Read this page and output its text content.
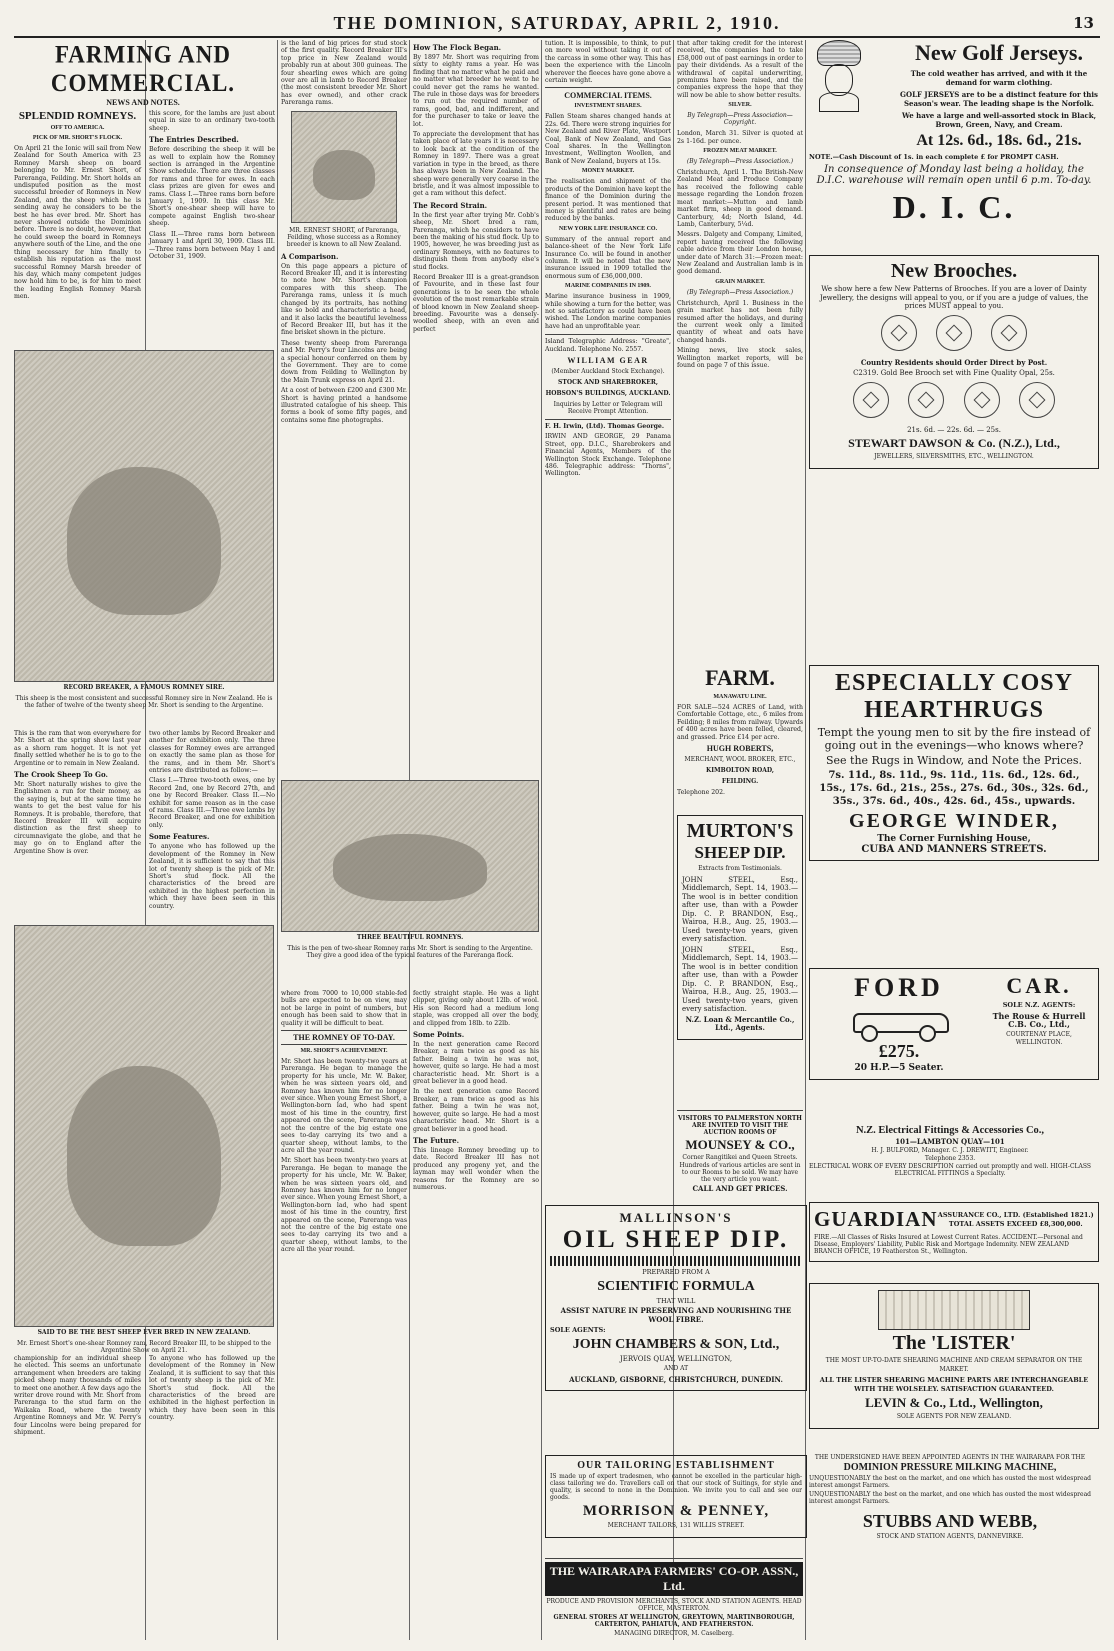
THE DOMINION, SATURDAY, APRIL 2, 1910.	13
FARMING AND COMMERCIAL.
NEWS AND NOTES.
SPLENDID ROMNEYS.
OFF TO AMERICA.
PICK OF MR. SHORT'S FLOCK.

On April 21 the Ionic will sail from New Zealand for South America with 23 Romney Marsh sheep on board belonging to Mr. Ernest Short, of Pareranga, Feilding. Mr. Short holds an undisputed position as the most successful breeder of Romneys in New Zealand, and the sheep which he is sending away he considers to be the best he has ever bred. Mr. Short has never showed outside the Dominion before. There is no doubt, however, that he could sweep the board in Romneys anywhere south of the Line, and the one thing necessary for him finally to establish his reputation as the most successful Romney Marsh breeder of his day, which many competent judges now hold him to be, is for him to meet the leading English Romney Marsh men.

this score, for the lambs are just about equal in size to an ordinary two-tooth sheep.

The Entries Described.

Before describing the sheep it will be as well to explain how the Romney section is arranged in the Argentine Show schedule. There are three classes for rams and three for ewes. In each class prizes are given for ewes and rams. Class I.—Three rams born before January 1, 1909. In this class Mr. Short's one-shear sheep will have to compete against English two-shear sheep.

Class II.—Three rams born between January 1 and April 30, 1909. Class III.—Three rams born between May 1 and October 31, 1909.

RECORD BREAKER, A FAMOUS ROMNEY SIRE.
This sheep is the most consistent and successful Romney sire in New Zealand. He is the father of twelve of the twenty sheep Mr. Short is sending to the Argentine.

This is the ram that won everywhere for Mr. Short at the spring show last year as a shorn ram hogget. It is not yet finally settled whether he is to go to the Argentine or to remain in New Zealand.

The Crook Sheep To Go.

Mr. Short naturally wishes to give the Englishmen a run for their money, as the saying is, but at the same time he wants to get the best value for his Romneys. It is probable, therefore, that Record Breaker III will acquire distinction as the first sheep to circumnavigate the globe, and that he may go on to England after the Argentine Show is over.

two other lambs by Record Breaker and another for exhibition only. The three classes for Romney ewes are arranged on exactly the same plan as those for the rams, and in them Mr. Short's entries are distributed as follow:—

Class I.—Three two-tooth ewes, one by Record 2nd, one by Record 27th, and one by Record Breaker. Class II.—No exhibit for same reason as in the case of rams. Class III.—Three ewe lambs by Record Breaker, and one for exhibition only.

Some Features.

To anyone who has followed up the development of the Romney in New Zealand, it is sufficient to say that this lot of twenty sheep is the pick of Mr. Short's stud flock. All the characteristics of the breed are exhibited in the highest perfection in which they have been seen in this country.

SAID TO BE THE BEST SHEEP EVER BRED IN NEW ZEALAND.
Mr. Ernest Short's one-shear Romney ram, Record Breaker III, to be shipped to the Argentine Show on April 21.

championship for an individual sheep he elected. This seems an unfortunate arrangement when breeders are taking picked sheep many thousands of miles to meet one another. A few days ago the writer drove round with Mr. Short from Pareranga to the stud farm on the Waikaka Road, where the twenty Argentine Romneys and Mr. W. Perry's four Lincolns were being prepared for shipment.

To anyone who has followed up the development of the Romney in New Zealand, it is sufficient to say that this lot of twenty sheep is the pick of Mr. Short's stud flock. All the characteristics of the breed are exhibited in the highest perfection in which they have been seen in this country.

is the land of big prices for stud stock of the first quality. Record Breaker III's top price in New Zealand would probably run at about 300 guineas. The four shearling ewes which are going over are all in lamb to Record Breaker (the most consistent breeder Mr. Short has ever owned), and other crack Pareranga rams.

MR. ERNEST SHORT, of Pareranga, Feilding, whose success as a Romney breeder is known to all New Zealand.
A Comparison.

On this page appears a picture of Record Breaker III, and it is interesting to note how Mr. Short's champion compares with this sheep. The Pareranga rams, unless it is much changed by its portraits, has nothing like so bold and characteristic a head, and it also lacks the beautiful levelness of Record Breaker III, but has it the fine brisket shown in the picture.

These twenty sheep from Pareranga and Mr. Perry's four Lincolns are being a special honour conferred on them by the Government. They are to come down from Feilding to Wellington by the Main Trunk express on April 21.

At a cost of between £200 and £300 Mr. Short is having printed a handsome illustrated catalogue of his sheep. This forms a book of some fifty pages, and contains some fine photographs.

How The Flock Began.

By 1897 Mr. Short was requiring from sixty to eighty rams a year. He was finding that no matter what he paid and no matter what breeder he went to he could never get the rams he wanted. The rule in those days was for breeders to run out the required number of rams, good, bad, and indifferent, and for the purchaser to take or leave the lot.

To appreciate the development that has taken place of late years it is necessary to look back at the condition of the Romney in 1897. There was a great variation in type in the breed, as there has always been in New Zealand. The sheep were generally very coarse in the bristle, and it was almost impossible to get a ram without this defect.

The Record Strain.

In the first year after trying Mr. Cobb's sheep, Mr. Short bred a ram, Pareranga, which he considers to have been the making of his stud flock. Up to 1905, however, he was breeding just as ordinary Romneys, with no features to distinguish them from anybody else's stud flocks.

Record Breaker III is a great-grandson of Favourite, and in these last four generations is to be seen the whole evolution of the most remarkable strain of blood known in New Zealand sheep-breeding. Favourite was a densely-woolled sheep, with an even and perfect

THREE BEAUTIFUL ROMNEYS.
This is the pen of two-shear Romney rams Mr. Short is sending to the Argentine. They give a good idea of the typical features of the Pareranga flock.

where from 7000 to 10,000 stable-fed bulls are expected to be on view, may not be large in point of numbers, but enough has been said to show that in quality it will be difficult to beat.

THE ROMNEY OF TO-DAY.
MR. SHORT'S ACHIEVEMENT.

Mr. Short has been twenty-two years at Pareranga. He began to manage the property for his uncle, Mr. W. Baker, when he was sixteen years old, and Romney has known him for no longer ever since. When young Ernest Short, a Wellington-born lad, who had spent most of his time in the country, first appeared on the scene, Pareranga was not the centre of the big estate one sees to-day carrying its two and a quarter sheep, without lambs, to the acre all the year round.

Mr. Short has been twenty-two years at Pareranga. He began to manage the property for his uncle, Mr. W. Baker, when he was sixteen years old, and Romney has known him for no longer ever since. When young Ernest Short, a Wellington-born lad, who had spent most of his time in the country, first appeared on the scene, Pareranga was not the centre of the big estate one sees to-day carrying its two and a quarter sheep, without lambs, to the acre all the year round.

fectly straight staple. He was a light clipper, giving only about 12lb. of wool. His son Record had a medium long staple, was cropped all over the body, and clipped from 18lb. to 22lb.

Some Points.

In the next generation came Record Breaker, a ram twice as good as his father. Being a twin he was not, however, quite so large. He had a most characteristic head. Mr. Short is a great believer in a good head.

In the next generation came Record Breaker, a ram twice as good as his father. Being a twin he was not, however, quite so large. He had a most characteristic head. Mr. Short is a great believer in a good head.

The Future.

This lineage Romney breeding up to date. Record Breaker III has not produced any progeny yet, and the layman may well wonder when the reasons for the Romney are so numerous.

tution. It is impossible, to think, to put on more wool without taking it out of the carcass in some other way. This has been the experience with the Lincoln wherever the fleeces have gone above a certain weight.

COMMERCIAL ITEMS.
INVESTMENT SHARES.

Fallen Steam shares changed hands at 22s. 6d. There were strong inquiries for New Zealand and River Plate, Westport Coal, Bank of New Zealand, and Gas Coal shares. In the Wellington Investment, Wellington Woollen, and Bank of New Zealand, buyers at 15s.

MONEY MARKET.

The realisation and shipment of the products of the Dominion have kept the finance of the Dominion during the present period. It was mentioned that money is plentiful and rates are being reduced by the banks.

NEW YORK LIFE INSURANCE CO.

Summary of the annual report and balance-sheet of the New York Life Insurance Co. will be found in another column. It will be noted that the new insurance issued in 1909 totalled the enormous sum of £36,000,000.

MARINE COMPANIES IN 1909.

Marine insurance business in 1909, while showing a turn for the better, was not so satisfactory as could have been wished. The London marine companies have had an unprofitable year.

Island Telegraphic Address: "Greate", Auckland. Telephone No. 2557.

WILLIAM GEAR
(Member Auckland Stock Exchange).
STOCK AND SHAREBROKER,
HOBSON'S BUILDINGS, AUCKLAND.
Inquiries by Letter or Telegram will Receive Prompt Attention.

F. H. Irwin, (Ltd). Thomas George.

IRWIN AND GEORGE, 29 Panama Street, opp. D.I.C., Sharebrokers and Financial Agents, Members of the Wellington Stock Exchange. Telephone 486. Telegraphic address: "Thorns", Wellington.

that after taking credit for the interest received, the companies had to take £58,000 out of past earnings in order to pay their dividends. As a result of the withdrawal of capital underwriting, premiums have been raised, and the companies express the hope that they will now be able to show better results.

SILVER.
By Telegraph—Press Association—Copyright.

London, March 31. Silver is quoted at 2s 1-16d. per ounce.

FROZEN MEAT MARKET.
(By Telegraph—Press Association.)

Christchurch, April 1. The British-New Zealand Meat and Produce Company has received the following cable message regarding the London frozen meat market:—Mutton and lamb market firm, sheep in good demand. Canterbury, 4d; North Island, 4d. Lamb, Canterbury, 5¼d.

Messrs. Dalgety and Company, Limited, report having received the following cable advice from their London house, under date of March 31:—Frozen meat: New Zealand and Australian lamb is in good demand.

GRAIN MARKET.
(By Telegraph—Press Association.)

Christchurch, April 1. Business in the grain market has not been fully resumed after the holidays, and during the current week only a limited quantity of wheat and oats have changed hands.

Mining news, live stock sales, Wellington market reports, will be found on page 7 of this issue.

New Golf Jerseys.

The cold weather has arrived, and with it the demand for warm clothing.

GOLF JERSEYS are to be a distinct feature for this Season's wear. The leading shape is the Norfolk.

We have a large and well-assorted stock in Black, Brown, Green, Navy, and Cream.

At 12s. 6d., 18s. 6d., 21s.

NOTE.—Cash Discount of 1s. in each complete £ for PROMPT CASH.

In consequence of Monday last being a holiday, the D.I.C. warehouse will remain open until 6 p.m. To-day.

D. I. C.
New Brooches.

We show here a few New Patterns of Brooches. If you are a lover of Dainty Jewellery, the designs will appeal to you, or if you are a judge of values, the prices MUST appeal to you.

Country Residents should Order Direct by Post.

C2319. Gold Bee Brooch set with Fine Quality Opal, 25s.

21s. 6d. — 22s. 6d. — 25s.

STEWART DAWSON & Co. (N.Z.), Ltd.,

JEWELLERS, SILVERSMITHS, ETC., WELLINGTON.

FARM.
MANAWATU LINE.

FOR SALE—524 ACRES of Land, with Comfortable Cottage, etc., 6 miles from Feilding; 8 miles from railway. Upwards of 400 acres have been felled, cleared, and grassed. Price £14 per acre.

HUGH ROBERTS,
MERCHANT, WOOL BROKER, ETC.,
KIMBOLTON ROAD,
FEILDING.

Telephone 202.

MURTON'S
SHEEP DIP.

Extracts from Testimonials.

JOHN STEEL, Esq., Middlemarch, Sept. 14, 1903.—The wool is in better condition after use, than with a Powder Dip. C. P. BRANDON, Esq., Wairoa, H.B., Aug. 25, 1903.—Used twenty-two years, given every satisfaction.

JOHN STEEL, Esq., Middlemarch, Sept. 14, 1903.—The wool is in better condition after use, than with a Powder Dip. C. P. BRANDON, Esq., Wairoa, H.B., Aug. 25, 1903.—Used twenty-two years, given every satisfaction.

N.Z. Loan & Mercantile Co., Ltd., Agents.

ESPECIALLY COSY
HEARTHRUGS

Tempt the young men to sit by the fire instead of going out in the evenings—who knows where?

See the Rugs in Window, and Note the Prices.

7s. 11d., 8s. 11d., 9s. 11d., 11s. 6d., 12s. 6d., 15s., 17s. 6d., 21s., 25s., 27s. 6d., 30s., 32s. 6d., 35s., 37s. 6d., 40s., 42s. 6d., 45s., upwards.

GEORGE WINDER,

The Corner Furnishing House,

CUBA AND MANNERS STREETS.

FORD
£275.

20 H.P.—5 Seater.

CAR.

SOLE N.Z. AGENTS:

The Rouse & Hurrell C.B. Co., Ltd.,

COURTENAY PLACE, WELLINGTON.

N.Z. Electrical Fittings & Accessories Co.,

101—LAMBTON QUAY—101

H. J. BULFORD, Manager. C. J. DREWITT, Engineer.

Telephone 2353.

ELECTRICAL WORK OF EVERY DESCRIPTION carried out promptly and well. HIGH-CLASS ELECTRICAL FITTINGS a Specialty.

GUARDIAN ASSURANCE CO., LTD. (Established 1821.) TOTAL ASSETS EXCEED £8,300,000.

FIRE.—All Classes of Risks Insured at Lowest Current Rates. ACCIDENT.—Personal and Disease, Employers' Liability, Public Risk and Mortgage Indemnity. NEW ZEALAND BRANCH OFFICE, 19 Featherston St., Wellington.

The 'LISTER'

THE MOST UP-TO-DATE SHEARING MACHINE AND CREAM SEPARATOR ON THE MARKET.

ALL THE LISTER SHEARING MACHINE PARTS ARE INTERCHANGEABLE WITH THE WOLSELEY. SATISFACTION GUARANTEED.

LEVIN & Co., Ltd., Wellington,

SOLE AGENTS FOR NEW ZEALAND.

THE UNDERSIGNED HAVE BEEN APPOINTED AGENTS IN THE WAIRARAPA FOR THE

DOMINION PRESSURE MILKING MACHINE,

UNQUESTIONABLY the best on the market, and one which has ousted the most widespread interest amongst Farmers.

UNQUESTIONABLY the best on the market, and one which has ousted the most widespread interest amongst Farmers.

STUBBS AND WEBB,

STOCK AND STATION AGENTS, DANNEVIRKE.

VISITORS TO PALMERSTON NORTH ARE INVITED TO VISIT THE AUCTION ROOMS OF

MOUNSEY & CO.,

Corner Rangitikei and Queen Streets.

Hundreds of various articles are sent in to our Rooms to be sold. We may have the very article you want.

CALL AND GET PRICES.

MALLINSON'S
OIL SHEEP DIP.

PREPARED FROM A

SCIENTIFIC FORMULA

THAT WILL

ASSIST NATURE IN PRESERVING AND NOURISHING THE WOOL FIBRE.

SOLE AGENTS:

JOHN CHAMBERS & SON, Ltd.,

JERVOIS QUAY, WELLINGTON,

AND AT

AUCKLAND, GISBORNE, CHRISTCHURCH, DUNEDIN.

OUR TAILORING ESTABLISHMENT

IS made up of expert tradesmen, who cannot be excelled in the particular high-class tailoring we do. Travellers call on that our stock of Suitings, for style and quality, is second to none in the Dominion. We invite you to call and see our goods.

MORRISON & PENNEY,

MERCHANT TAILORS, 131 WILLIS STREET.

THE WAIRARAPA FARMERS' CO-OP. ASSN., Ltd.

PRODUCE AND PROVISION MERCHANTS, STOCK AND STATION AGENTS. HEAD OFFICE, MASTERTON.

GENERAL STORES AT WELLINGTON, GREYTOWN, MARTINBOROUGH, CARTERTON, PAHIATUA, AND FEATHERSTON.

MANAGING DIRECTOR, M. Caselberg.
